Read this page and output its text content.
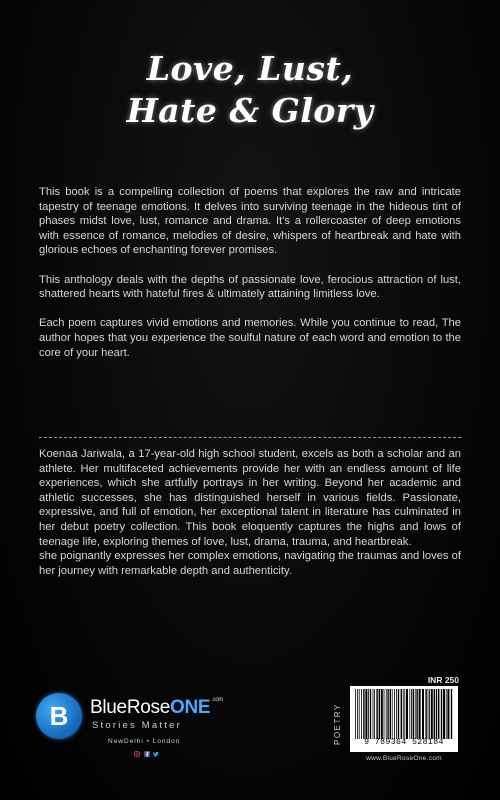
Love, Lust,
Hate & Glory

This book is a compelling collection of poems that explores the raw and intricate tapestry of teenage emotions. It delves into surviving teenage in the hideous tint of phases midst love, lust, romance and drama. It's a rollercoaster of deep emotions with essence of romance, melodies of desire, whispers of heartbreak and hate with glorious echoes of enchanting forever promises.

This anthology deals with the depths of passionate love, ferocious attraction of lust, shattered hearts with hateful fires & ultimately attaining limitless love.

Each poem captures vivid emotions and memories. While you continue to read, The author hopes that you experience the soulful nature of each word and emotion to the core of your heart.

Koenaa Jariwala, a 17-year-old high school student, excels as both a scholar and an athlete. Her multifaceted achievements provide her with an endless amount of life experiences, which she artfully portrays in her writing. Beyond her academic and athletic successes, she has distinguished herself in various fields. Passionate, expressive, and full of emotion, her exceptional talent in literature has culminated in her debut poetry collection. This book eloquently captures the highs and lows of teenage life, exploring themes of love, lust, drama, trauma, and heartbreak.

she poignantly expresses her complex emotions, navigating the traumas and loves of her journey with remarkable depth and authenticity.

B	BlueRoseONE$^{.com}$
Stories Matter
NewDelhi • London

INR 250
POETRY	9 789364 528184
www.BlueRoseOne.com
